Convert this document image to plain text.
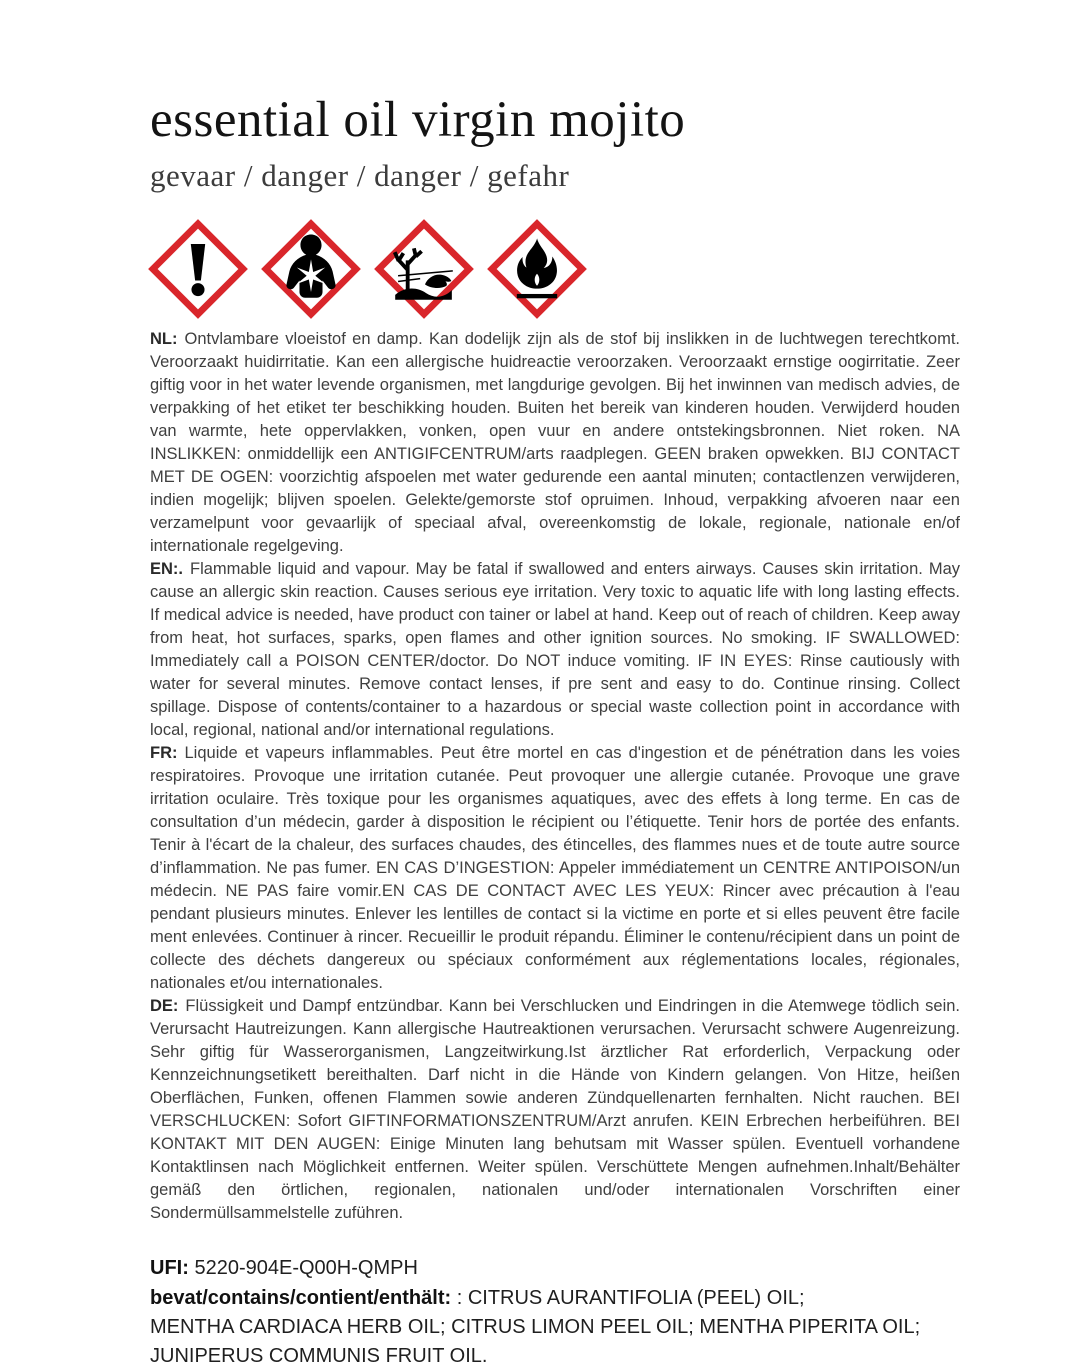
essential oil virgin mojito
gevaar / danger / danger / gefahr

NL: Ontvlambare vloeistof en damp. Kan dodelijk zijn als de stof bij inslikken in de luchtwegen terechtkomt. Veroorzaakt huidirritatie. Kan een allergische huidreactie veroorzaken. Veroorzaakt ernstige oogirritatie. Zeer giftig voor in het water levende organismen, met langdurige gevolgen. Bij het inwinnen van medisch advies, de verpakking of het etiket ter beschikking houden. Buiten het bereik van kinderen houden. Verwijderd houden van warmte, hete oppervlakken, vonken, open vuur en andere ontstekingsbronnen. Niet roken. NA INSLIKKEN: onmiddellijk een ANTIGIFCENTRUM/arts raadplegen. GEEN braken opwekken. BIJ CONTACT MET DE OGEN: voorzichtig afspoelen met water gedurende een aantal minuten; contactlenzen verwijderen, indien mogelijk; blijven spoelen. Gelekte/gemorste stof opruimen. Inhoud, verpakking afvoeren naar een verzamelpunt voor gevaarlijk of speciaal afval, overeenkomstig de lokale, regionale, nationale en/of internationale regelgeving.

EN:. Flammable liquid and vapour. May be fatal if swallowed and enters airways. Causes skin irritation. May cause an allergic skin reaction. Causes serious eye irritation. Very toxic to aquatic life with long lasting effects. If medical advice is needed, have product con tainer or label at hand. Keep out of reach of children. Keep away from heat, hot surfaces, sparks, open flames and other ignition sources. No smoking. IF SWALLOWED: Immediately call a POISON CENTER/doctor. Do NOT induce vomiting. IF IN EYES: Rinse cautiously with water for several minutes. Remove contact lenses, if pre sent and easy to do. Continue rinsing. Collect spillage. Dispose of contents/container to a hazardous or special waste collection point in accordance with local, regional, national and/or international regulations.

FR: Liquide et vapeurs inflammables. Peut être mortel en cas d'ingestion et de pénétration dans les voies respiratoires. Provoque une irritation cutanée. Peut provoquer une allergie cutanée. Provoque une grave irritation oculaire. Très toxique pour les organismes aquatiques, avec des effets à long terme. En cas de consultation d’un médecin, garder à disposition le récipient ou l’étiquette. Tenir hors de portée des enfants. Tenir à l'écart de la chaleur, des surfaces chaudes, des étincelles, des flammes nues et de toute autre source d’inflammation. Ne pas fumer. EN CAS D’INGESTION: Appeler immédiatement un CENTRE ANTIPOISON/un médecin. NE PAS faire vomir.EN CAS DE CONTACT AVEC LES YEUX: Rincer avec précaution à l'eau pendant plusieurs minutes. Enlever les lentilles de contact si la victime en porte et si elles peuvent être facile ment enlevées. Continuer à rincer. Recueillir le produit répandu. Éliminer le contenu/récipient dans un point de collecte des déchets dangereux ou spéciaux conformément aux réglementations locales, régionales, nationales et/ou internationales.

DE: Flüssigkeit und Dampf entzündbar. Kann bei Verschlucken und Eindringen in die Atemwege tödlich sein. Verursacht Hautreizungen. Kann allergische Hautreaktionen verursachen. Verursacht schwere Augenreizung. Sehr giftig für Wasserorganismen, Langzeitwirkung.Ist ärztlicher Rat erforderlich, Verpackung oder Kennzeichnungsetikett bereithalten. Darf nicht in die Hände von Kindern gelangen. Von Hitze, heißen Oberflächen, Funken, offenen Flammen sowie anderen Zündquellenarten fernhalten. Nicht rauchen. BEI VERSCHLUCKEN: Sofort GIFTINFORMATIONSZENTRUM/Arzt anrufen. KEIN Erbrechen herbeiführen. BEI KONTAKT MIT DEN AUGEN: Einige Minuten lang behutsam mit Wasser spülen. Eventuell vorhandene Kontaktlinsen nach Möglichkeit entfernen. Weiter spülen. Verschüttete Mengen aufnehmen.Inhalt/Behälter gemäß den örtlichen, regionalen, nationalen und/oder internationalen Vorschriften einer Sondermüllsammelstelle zuführen.

UFI: 5220-904E-Q00H-QMPH
bevat/contains/contient/enthält: : CITRUS AURANTIFOLIA (PEEL) OIL;
MENTHA CARDIACA HERB OIL; CITRUS LIMON PEEL OIL; MENTHA PIPERITA OIL;
JUNIPERUS COMMUNIS FRUIT OIL.
